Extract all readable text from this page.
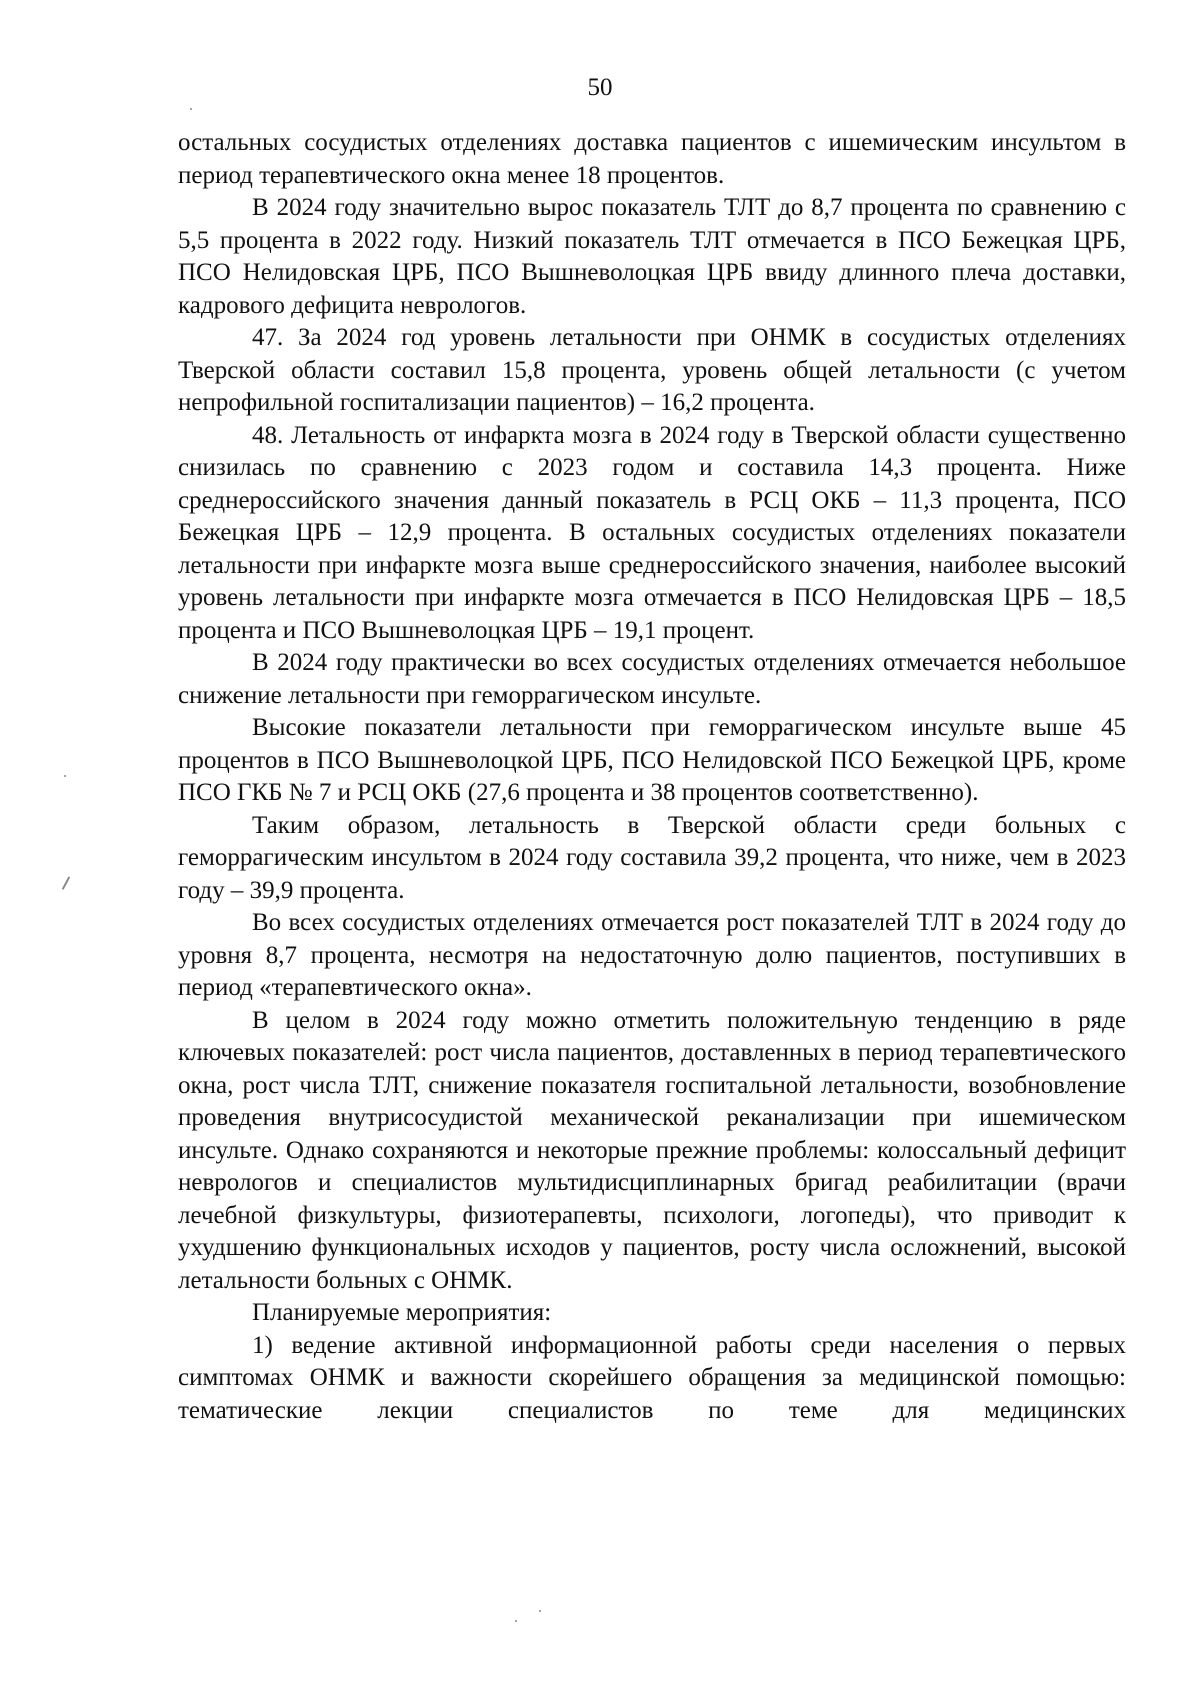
50

остальных сосудистых отделениях доставка пациентов с ишемическим инсультом в период терапевтического окна менее 18 процентов.

В 2024 году значительно вырос показатель ТЛТ до 8,7 процента по сравнению с 5,5 процента в 2022 году. Низкий показатель ТЛТ отмечается в ПСО Бежецкая ЦРБ, ПСО Нелидовская ЦРБ, ПСО Вышневолоцкая ЦРБ ввиду длинного плеча доставки, кадрового дефицита неврологов.

47. За 2024 год уровень летальности при ОНМК в сосудистых отделениях Тверской области составил 15,8 процента, уровень общей летальности (с учетом непрофильной госпитализации пациентов) – 16,2 процента.

48. Летальность от инфаркта мозга в 2024 году в Тверской области существенно снизилась по сравнению с 2023 годом и составила 14,3 процента. Ниже среднероссийского значения данный показатель в РСЦ ОКБ – 11,3 процента, ПСО Бежецкая ЦРБ – 12,9 процента. В остальных сосудистых отделениях показатели летальности при инфаркте мозга выше среднероссийского значения, наиболее высокий уровень летальности при инфаркте мозга отмечается в ПСО Нелидовская ЦРБ – 18,5 процента и ПСО Вышневолоцкая ЦРБ – 19,1 процент.

В 2024 году практически во всех сосудистых отделениях отмечается небольшое снижение летальности при геморрагическом инсульте.

Высокие показатели летальности при геморрагическом инсульте выше 45 процентов в ПСО Вышневолоцкой ЦРБ, ПСО Нелидовской ПСО Бежецкой ЦРБ, кроме ПСО ГКБ № 7 и РСЦ ОКБ (27,6 процента и 38 процентов соответственно).

Таким образом, летальность в Тверской области среди больных с геморрагическим инсультом в 2024 году составила 39,2 процента, что ниже, чем в 2023 году – 39,9 процента.

Во всех сосудистых отделениях отмечается рост показателей ТЛТ в 2024 году до уровня 8,7 процента, несмотря на недостаточную долю пациентов, поступивших в период «терапевтического окна».

В целом в 2024 году можно отметить положительную тенденцию в ряде ключевых показателей: рост числа пациентов, доставленных в период терапевтического окна, рост числа ТЛТ, снижение показателя госпитальной летальности, возобновление проведения внутрисосудистой механической реканализации при ишемическом инсульте. Однако сохраняются и некоторые прежние проблемы: колоссальный дефицит неврологов и специалистов мультидисциплинарных бригад реабилитации (врачи лечебной физкультуры, физиотерапевты, психологи, логопеды), что приводит к ухудшению функциональных исходов у пациентов, росту числа осложнений, высокой летальности больных с ОНМК.

Планируемые мероприятия:

1) ведение активной информационной работы среди населения о первых симптомах ОНМК и важности скорейшего обращения за медицинской помощью: тематические лекции специалистов по теме для медицинских
